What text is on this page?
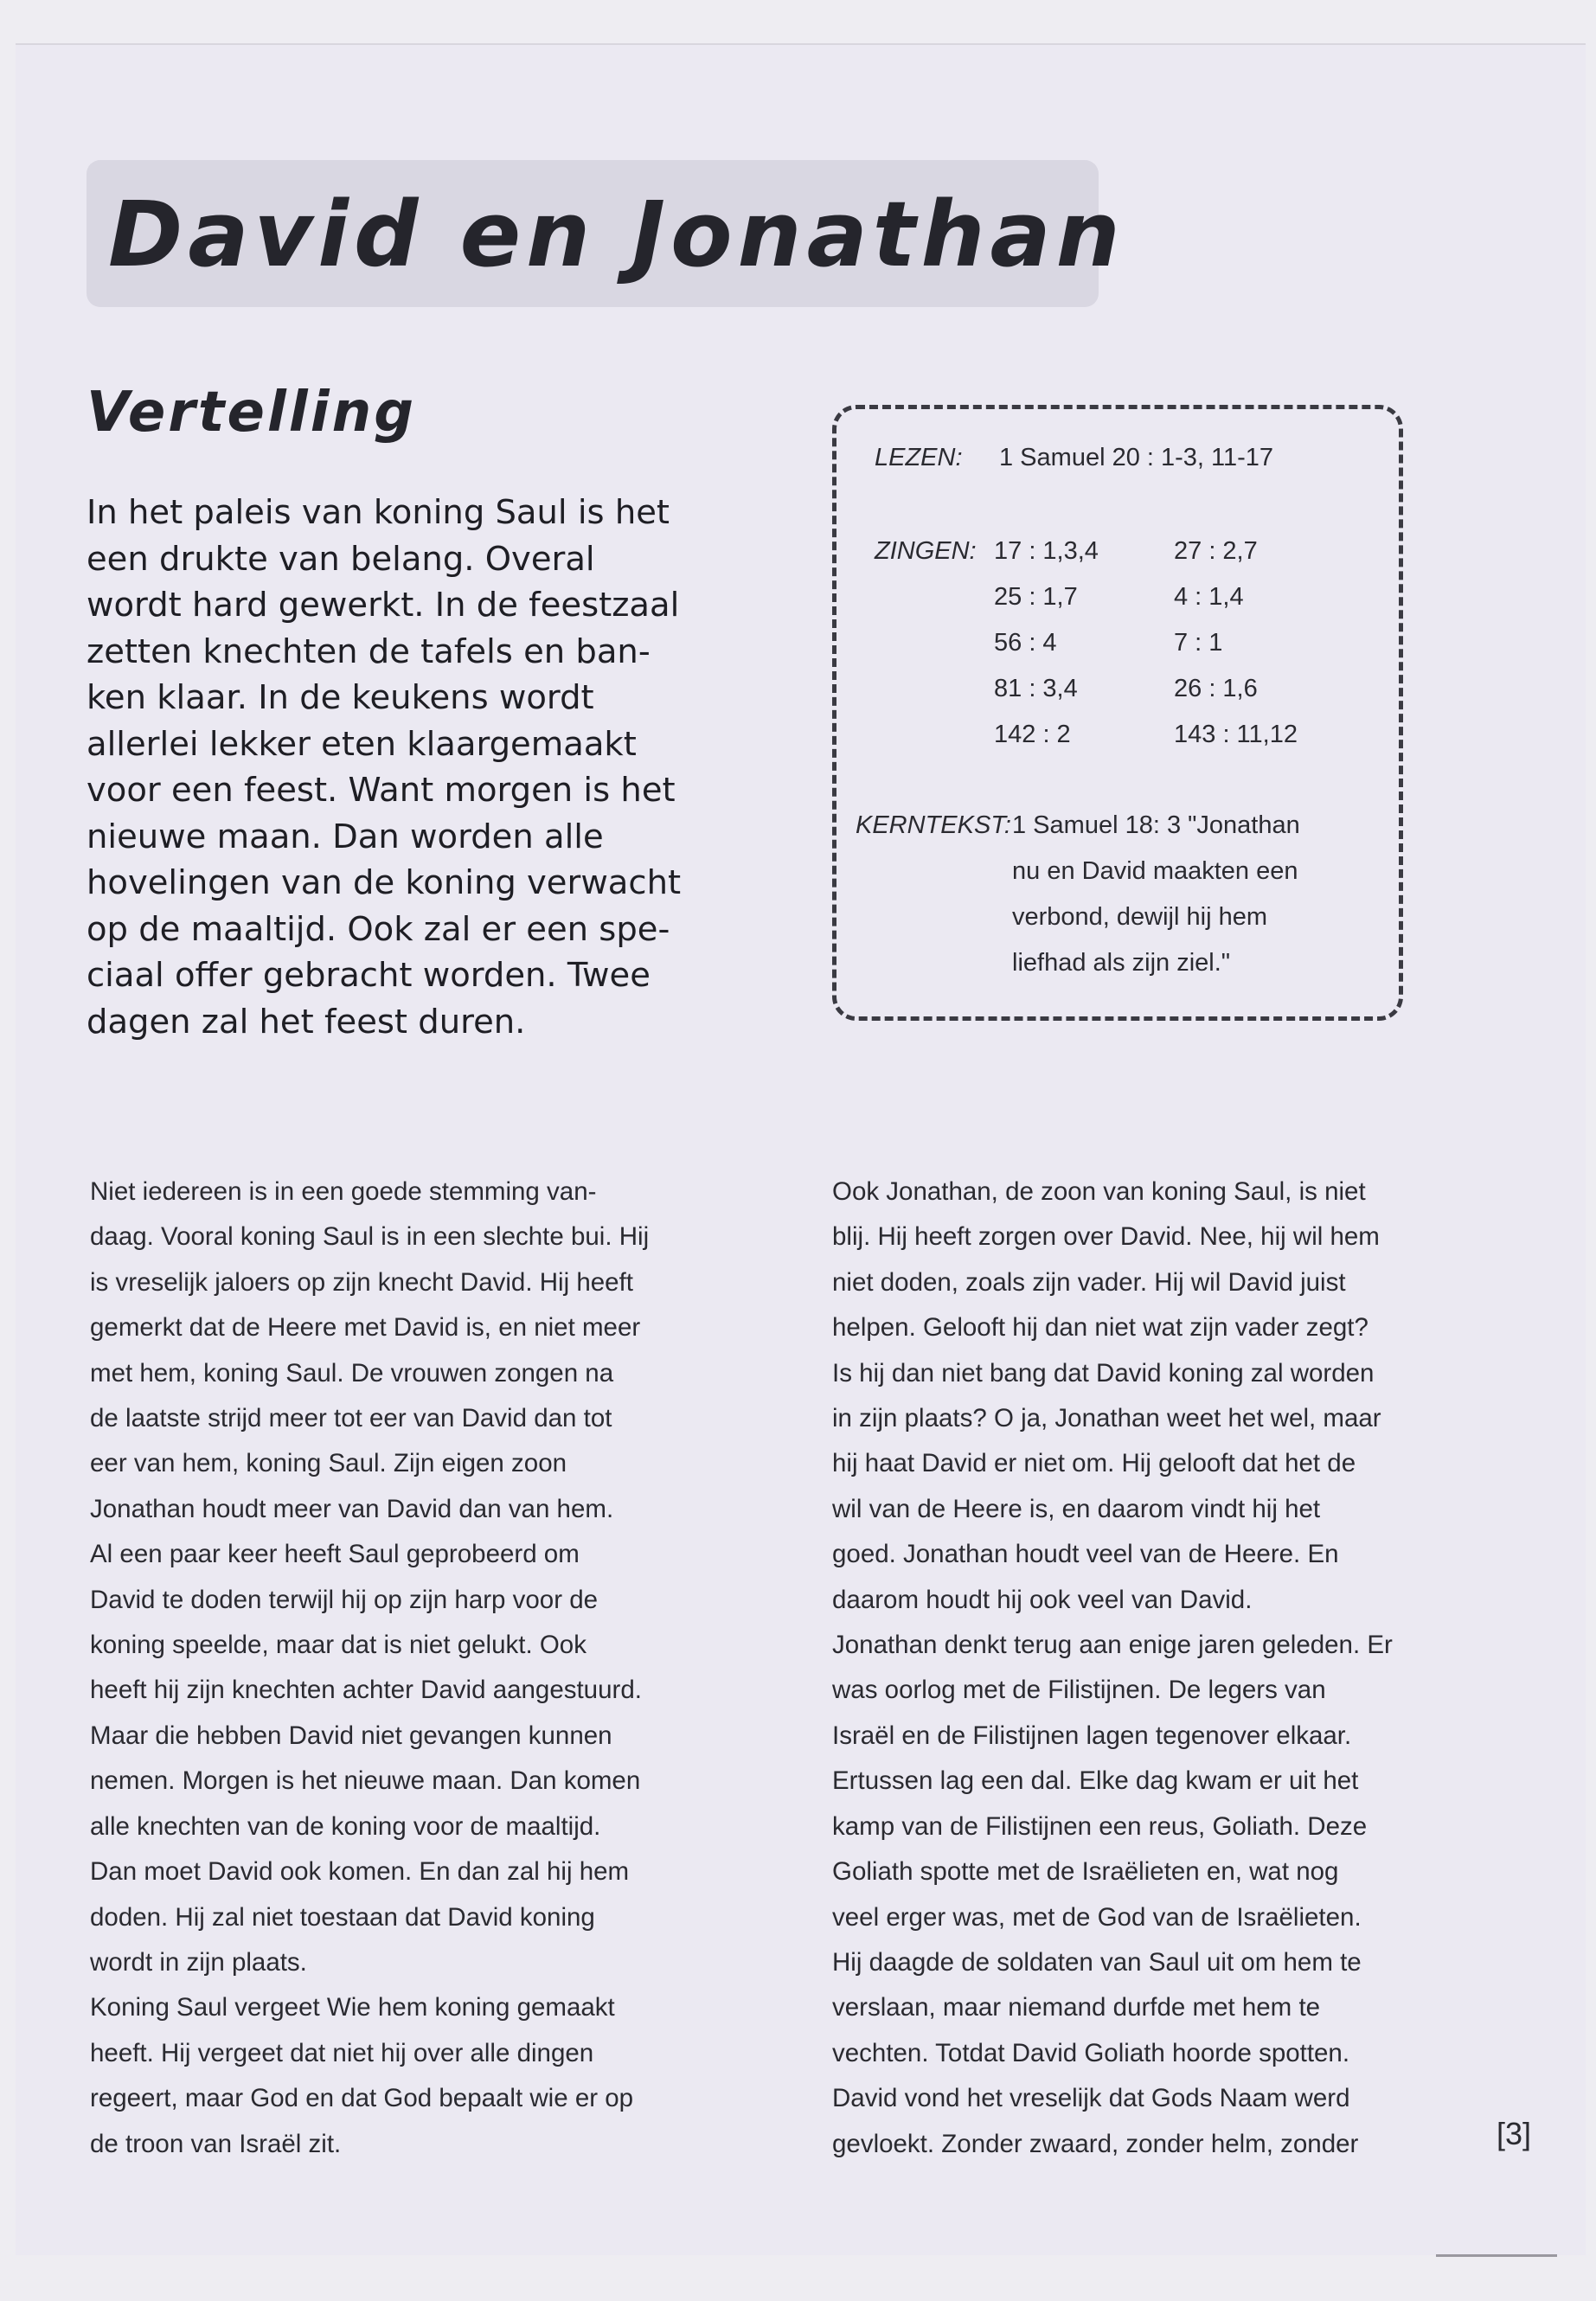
David en Jonathan
Vertelling
In het paleis van koning Saul is het
een drukte van belang. Overal
wordt hard gewerkt. In de feestzaal
zetten knechten de tafels en ban-
ken klaar. In de keukens wordt
allerlei lekker eten klaargemaakt
voor een feest. Want morgen is het
nieuwe maan. Dan worden alle
hovelingen van de koning verwacht
op de maaltijd. Ook zal er een spe-
ciaal offer gebracht worden. Twee
dagen zal het feest duren.
LEZEN: 1 Samuel 20 : 1-3, 11-17
ZINGEN: 17 : 1,3,4	27 : 2,7
25 : 1,7	4 : 1,4
56 : 4	7 : 1
81 : 3,4	26 : 1,6
142 : 2	143 : 11,12
KERNTEKST: 1 Samuel 18: 3 "Jonathan
nu en David maakten een
verbond, dewijl hij hem
liefhad als zijn ziel."
Niet iedereen is in een goede stemming van-
daag. Vooral koning Saul is in een slechte bui. Hij
is vreselijk jaloers op zijn knecht David. Hij heeft
gemerkt dat de Heere met David is, en niet meer
met hem, koning Saul. De vrouwen zongen na
de laatste strijd meer tot eer van David dan tot
eer van hem, koning Saul. Zijn eigen zoon
Jonathan houdt meer van David dan van hem.
Al een paar keer heeft Saul geprobeerd om
David te doden terwijl hij op zijn harp voor de
koning speelde, maar dat is niet gelukt. Ook
heeft hij zijn knechten achter David aangestuurd.
Maar die hebben David niet gevangen kunnen
nemen. Morgen is het nieuwe maan. Dan komen
alle knechten van de koning voor de maaltijd.
Dan moet David ook komen. En dan zal hij hem
doden. Hij zal niet toestaan dat David koning
wordt in zijn plaats.
Koning Saul vergeet Wie hem koning gemaakt
heeft. Hij vergeet dat niet hij over alle dingen
regeert, maar God en dat God bepaalt wie er op
de troon van Israël zit.
Ook Jonathan, de zoon van koning Saul, is niet
blij. Hij heeft zorgen over David. Nee, hij wil hem
niet doden, zoals zijn vader. Hij wil David juist
helpen. Gelooft hij dan niet wat zijn vader zegt?
Is hij dan niet bang dat David koning zal worden
in zijn plaats? O ja, Jonathan weet het wel, maar
hij haat David er niet om. Hij gelooft dat het de
wil van de Heere is, en daarom vindt hij het
goed. Jonathan houdt veel van de Heere. En
daarom houdt hij ook veel van David.
Jonathan denkt terug aan enige jaren geleden. Er
was oorlog met de Filistijnen. De legers van
Israël en de Filistijnen lagen tegenover elkaar.
Ertussen lag een dal. Elke dag kwam er uit het
kamp van de Filistijnen een reus, Goliath. Deze
Goliath spotte met de Israëlieten en, wat nog
veel erger was, met de God van de Israëlieten.
Hij daagde de soldaten van Saul uit om hem te
verslaan, maar niemand durfde met hem te
vechten. Totdat David Goliath hoorde spotten.
David vond het vreselijk dat Gods Naam werd
gevloekt. Zonder zwaard, zonder helm, zonder	[3]
